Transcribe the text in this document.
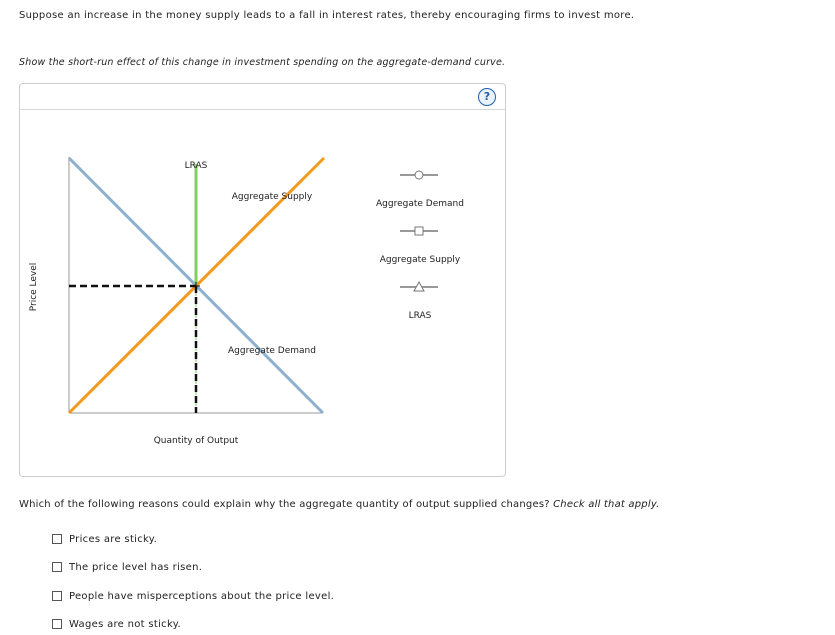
Suppose an increase in the money supply leads to a fall in interest rates, thereby encouraging firms to invest more.
Show the short-run effect of this change in investment spending on the aggregate-demand curve.
?
Price Level
Quantity of Output
LRAS
Aggregate Supply
Aggregate Demand
Aggregate Demand
Aggregate Supply
LRAS
Which of the following reasons could explain why the aggregate quantity of output supplied changes? Check all that apply.
Prices are sticky.
The price level has risen.
People have misperceptions about the price level.
Wages are not sticky.
